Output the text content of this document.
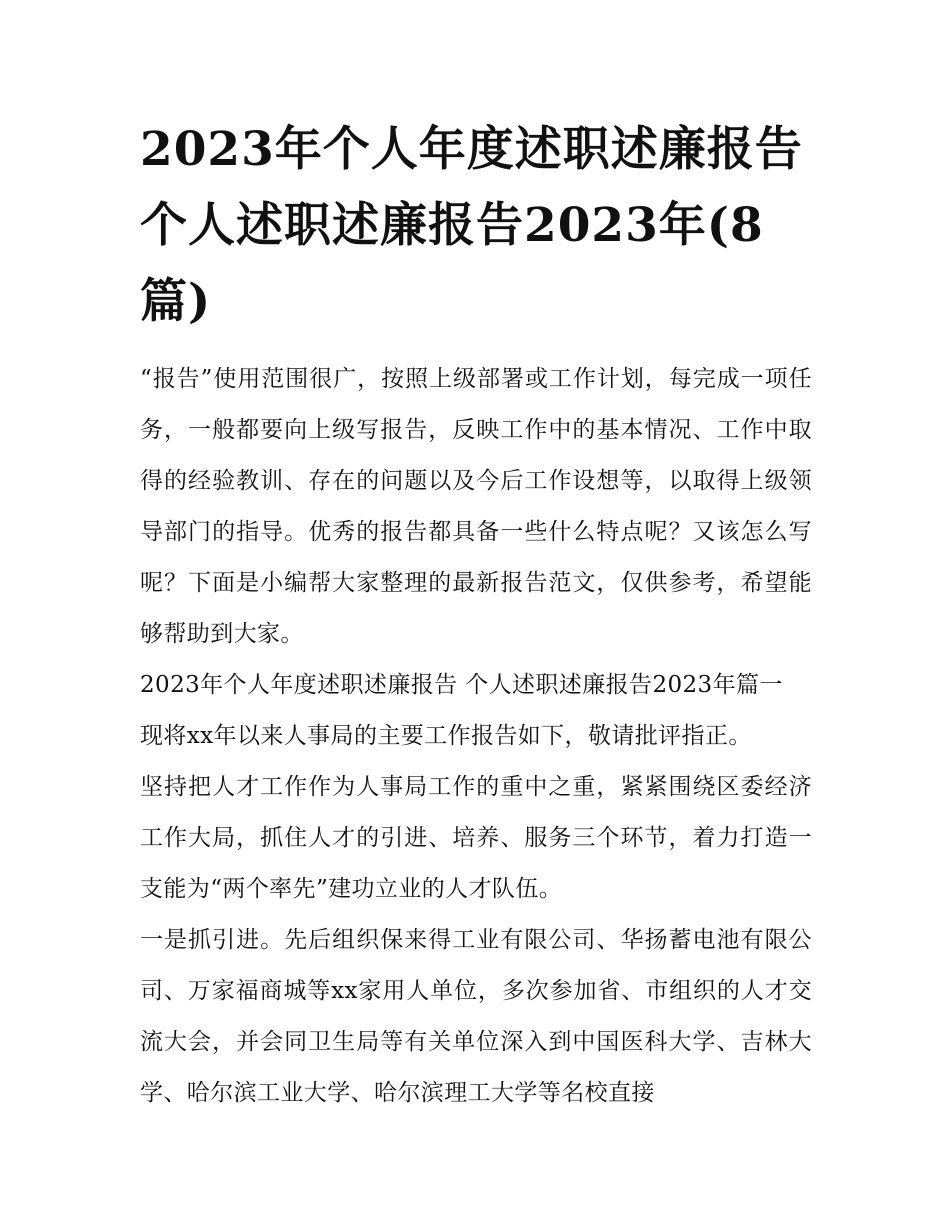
2023年个人年度述职述廉报告 个人述职述廉报告2023年(8篇)

“报告”使用范围很广，按照上级部署或工作计划，每完成一项任务，一般都要向上级写报告，反映工作中的基本情况、工作中取得的经验教训、存在的问题以及今后工作设想等，以取得上级领导部门的指导。优秀的报告都具备一些什么特点呢？又该怎么写呢？下面是小编帮大家整理的最新报告范文，仅供参考，希望能够帮助到大家。

2023年个人年度述职述廉报告 个人述职述廉报告2023年篇一

现将xx年以来人事局的主要工作报告如下，敬请批评指正。

坚持把人才工作作为人事局工作的重中之重，紧紧围绕区委经济工作大局，抓住人才的引进、培养、服务三个环节，着力打造一支能为“两个率先”建功立业的人才队伍。

一是抓引进。先后组织保来得工业有限公司、华扬蓄电池有限公司、万家福商城等xx家用人单位，多次参加省、市组织的人才交流大会，并会同卫生局等有关单位深入到中国医科大学、吉林大学、哈尔滨工业大学、哈尔滨理工大学等名校直接
